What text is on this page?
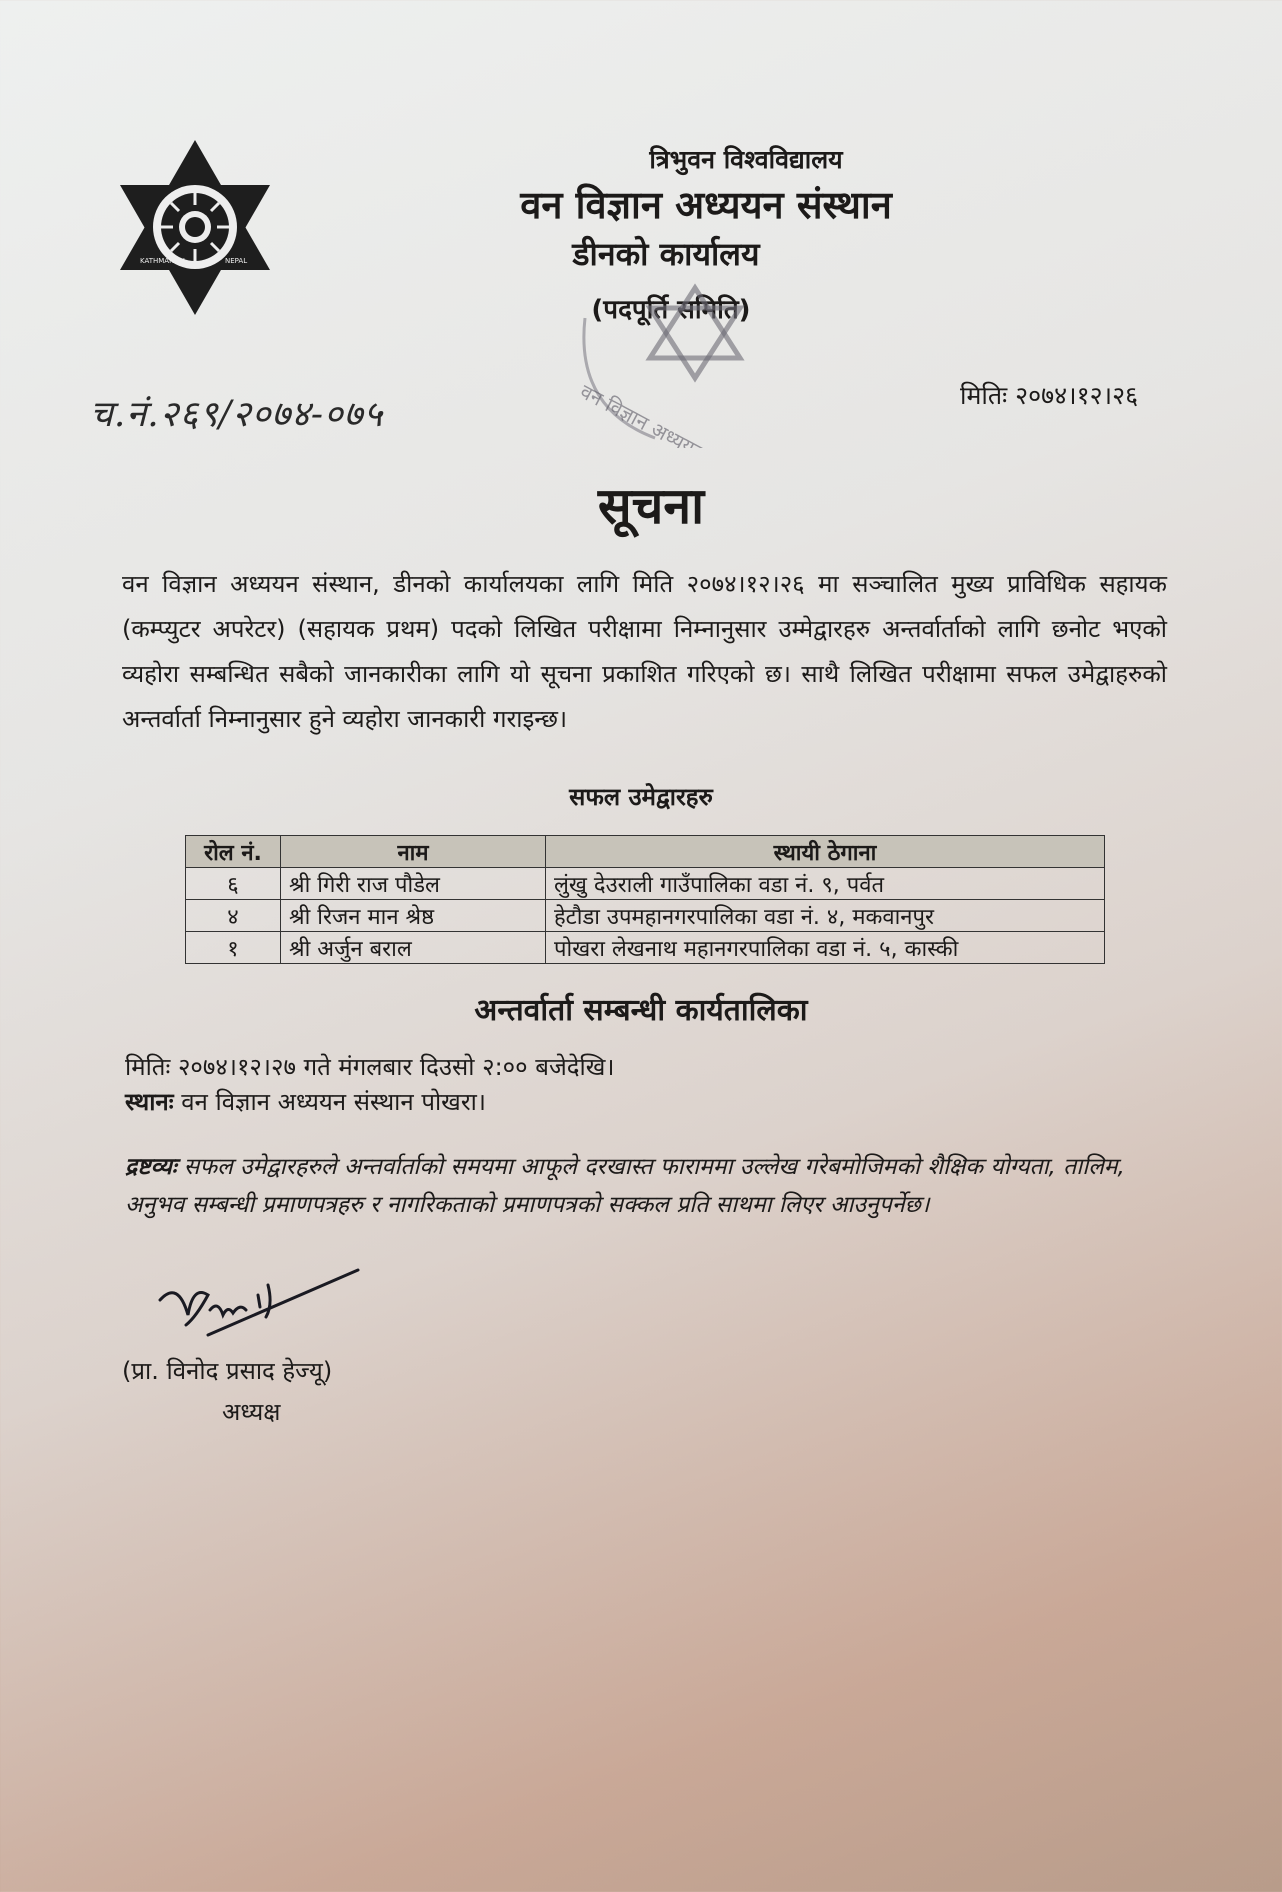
KATHMANDU	NEPAL
त्रिभुवन विश्वविद्यालय
वन विज्ञान अध्ययन संस्थान
डीनको कार्यालय
(पदपूर्ति समिति)
च.नं.२६९/२०७४-०७५	मितिः २०७४।१२।२६
सूचना
वन विज्ञान अध्ययन संस्थान, डीनको कार्यालयका लागि मिति २०७४।१२।२६ मा सञ्चालित मुख्य प्राविधिक सहायक (कम्प्युटर अपरेटर) (सहायक प्रथम) पदको लिखित परीक्षामा निम्नानुसार उम्मेद्वारहरु अन्तर्वार्ताको लागि छनोट भएको व्यहोरा सम्बन्धित सबैको जानकारीका लागि यो सूचना प्रकाशित गरिएको छ। साथै लिखित परीक्षामा सफल उमेद्वाहरुको अन्तर्वार्ता निम्नानुसार हुने व्यहोरा जानकारी गराइन्छ।
सफल उमेद्वारहरु
रोल नं.	नाम	स्थायी ठेगाना
६	श्री गिरी राज पौडेल	लुंखु देउराली गाउँपालिका वडा नं. ९, पर्वत
४	श्री रिजन मान श्रेष्ठ	हेटौडा उपमहानगरपालिका वडा नं. ४, मकवानपुर
१	श्री अर्जुन बराल	पोखरा लेखनाथ महानगरपालिका वडा नं. ५, कास्की
अन्तर्वार्ता सम्बन्धी कार्यतालिका
मितिः २०७४।१२।२७ गते मंगलबार दिउसो २:०० बजेदेखि।
स्थानः वन विज्ञान अध्ययन संस्थान पोखरा।
द्रष्टव्यः सफल उमेद्वारहरुले अन्तर्वार्ताको समयमा आफूले दरखास्त फाराममा उल्लेख गरेबमोजिमको शैक्षिक योग्यता, तालिम, अनुभव सम्बन्धी प्रमाणपत्रहरु र नागरिकताको प्रमाणपत्रको सक्कल प्रति साथमा लिएर आउनुपर्नेछ।
(प्रा. विनोद प्रसाद हेज्यू)
अध्यक्ष
